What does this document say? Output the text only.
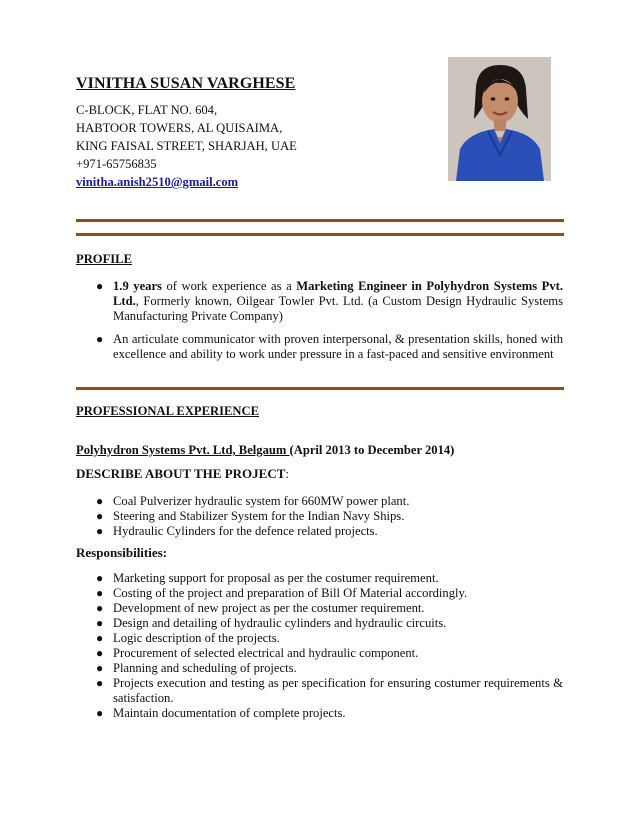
VINITHA SUSAN VARGHESE
C-BLOCK, FLAT NO. 604,
HABTOOR TOWERS, AL QUISAIMA,
KING FAISAL STREET, SHARJAH, UAE
+971-65756835
vinitha.anish2510@gmail.com
PROFILE
● 1.9 years of work experience as a Marketing Engineer in Polyhydron Systems Pvt. Ltd., Formerly known, Oilgear Towler Pvt. Ltd. (a Custom Design Hydraulic Systems Manufacturing Private Company)
● An articulate communicator with proven interpersonal, & presentation skills, honed with excellence and ability to work under pressure in a fast-paced and sensitive environment
PROFESSIONAL EXPERIENCE
Polyhydron Systems Pvt. Ltd, Belgaum (April 2013 to December 2014)
DESCRIBE ABOUT THE PROJECT:
● Coal Pulverizer hydraulic system for 660MW power plant.
● Steering and Stabilizer System for the Indian Navy Ships.
● Hydraulic Cylinders for the defence related projects.
Responsibilities:
● Marketing support for proposal as per the costumer requirement.
● Costing of the project and preparation of Bill Of Material accordingly.
● Development of new project as per the costumer requirement.
● Design and detailing of hydraulic cylinders and hydraulic circuits.
● Logic description of the projects.
● Procurement of selected electrical and hydraulic component.
● Planning and scheduling of projects.
● Projects execution and testing as per specification for ensuring costumer requirements & satisfaction.
● Maintain documentation of complete projects.
